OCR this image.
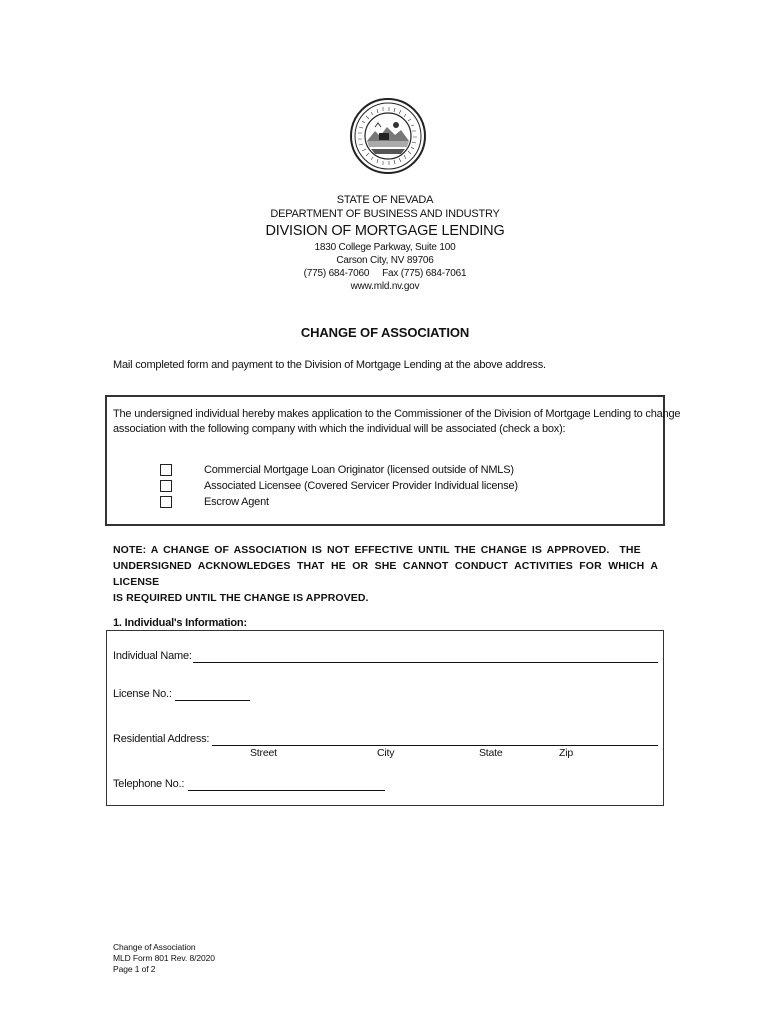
STATE OF NEVADA
DEPARTMENT OF BUSINESS AND INDUSTRY
DIVISION OF MORTGAGE LENDING
1830 College Parkway, Suite 100
Carson City, NV 89706
(775) 684-7060     Fax (775) 684-7061
www.mld.nv.gov
CHANGE OF ASSOCIATION
Mail completed form and payment to the Division of Mortgage Lending at the above address.
The undersigned individual hereby makes application to the Commissioner of the Division of Mortgage Lending to change
association with the following company with which the individual will be associated (check a box):
Commercial Mortgage Loan Originator (licensed outside of NMLS)
Associated Licensee (Covered Servicer Provider Individual license)
Escrow Agent
NOTE: A CHANGE OF ASSOCIATION IS NOT EFFECTIVE UNTIL THE CHANGE IS APPROVED.  THE
UNDERSIGNED ACKNOWLEDGES THAT HE OR SHE CANNOT CONDUCT ACTIVITIES FOR WHICH A LICENSE
IS REQUIRED UNTIL THE CHANGE IS APPROVED.
1. Individual's Information:
Individual Name:
License No.:
Residential Address:
Street	City	State	Zip
Telephone No.:
Change of Association
MLD Form 801 Rev. 8/2020
Page 1 of 2
